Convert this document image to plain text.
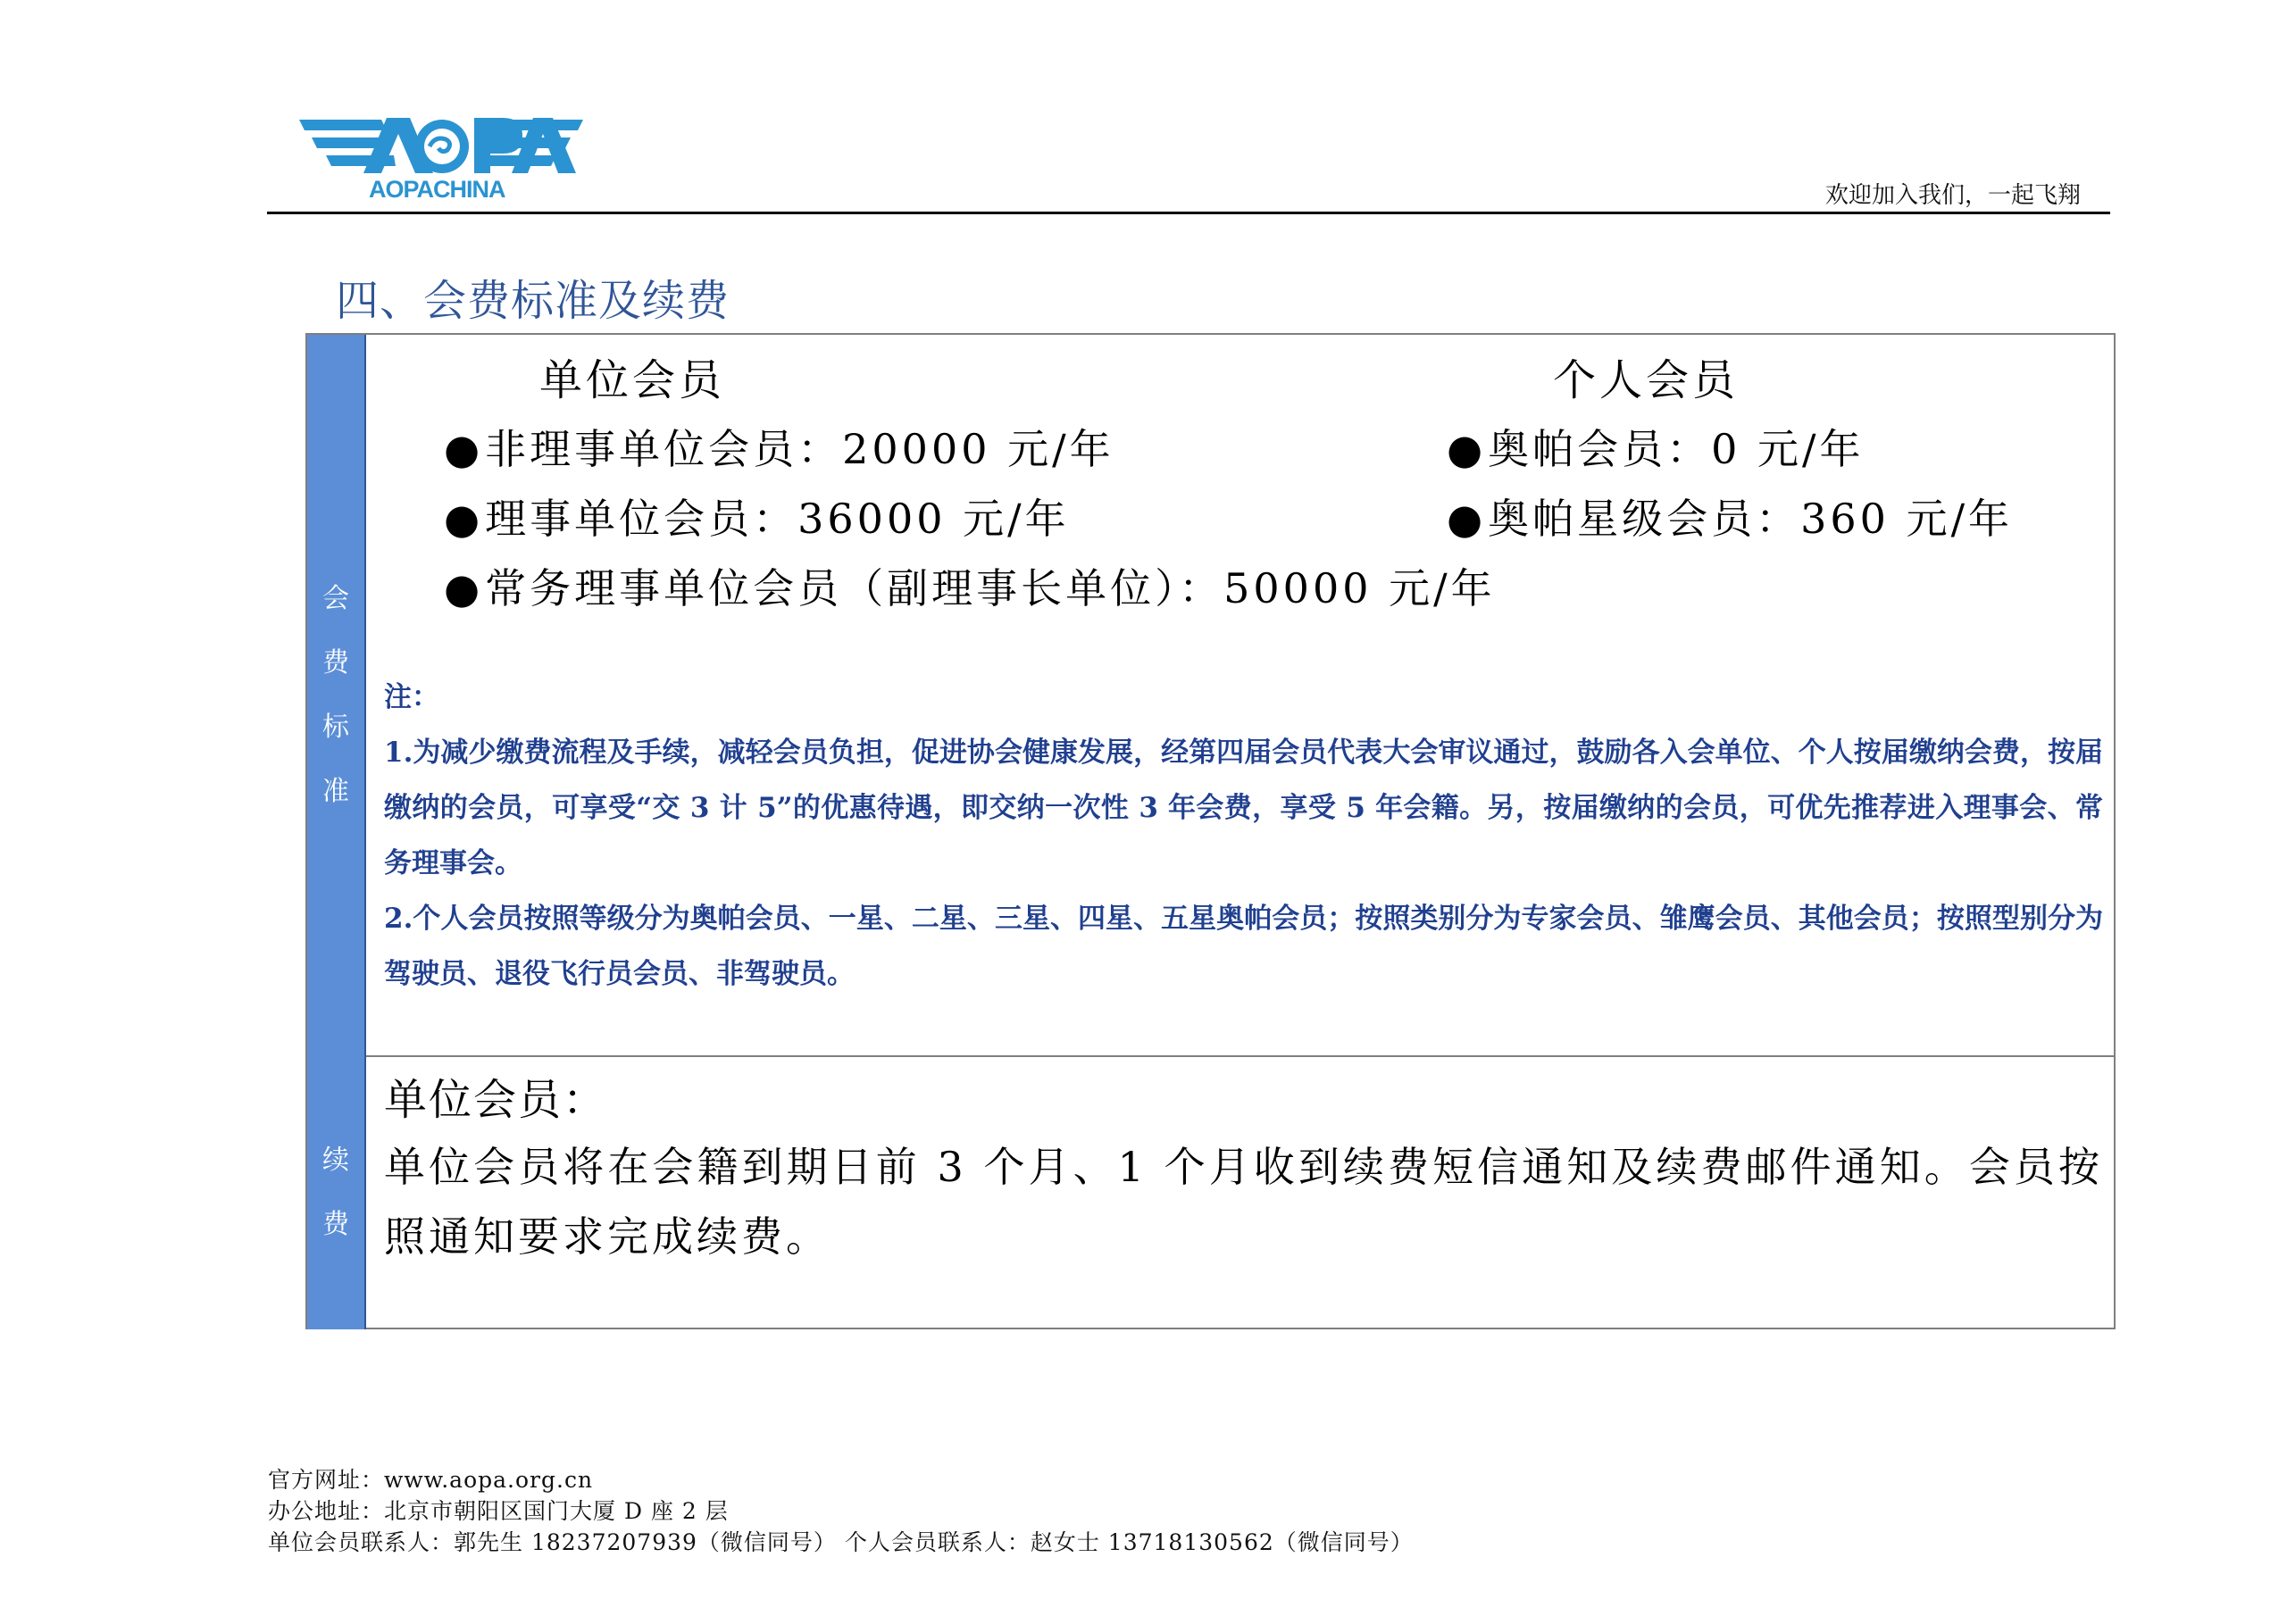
AOPACHINA	欢迎加入我们，一起飞翔
四、会费标准及续费
会
费
标
准
续
费
单位会员	个人会员
●非理事单位会员：20000 元/年
●理事单位会员：36000 元/年
●常务理事单位会员（副理事长单位）：50000 元/年
●奥帕会员：0 元/年
●奥帕星级会员：360 元/年
注：

1.为减少缴费流程及手续，减轻会员负担，促进协会健康发展，经第四届会员代表大会审议通过，鼓励各入会单位、个人按届缴纳会费，按届缴纳的会员，可享受“交 3 计 5”的优惠待遇，即交纳一次性 3 年会费，享受 5 年会籍。另，按届缴纳的会员，可优先推荐进入理事会、常务理事会。

2.个人会员按照等级分为奥帕会员、一星、二星、三星、四星、五星奥帕会员；按照类别分为专家会员、雏鹰会员、其他会员；按照型别分为驾驶员、退役飞行员会员、非驾驶员。

单位会员：
单位会员将在会籍到期日前 3 个月、1 个月收到续费短信通知及续费邮件通知。会员按照通知要求完成续费。
官方网址：www.aopa.org.cn
办公地址：北京市朝阳区国门大厦 D 座 2 层
单位会员联系人：郭先生 18237207939（微信同号） 个人会员联系人：赵女士 13718130562（微信同号）
